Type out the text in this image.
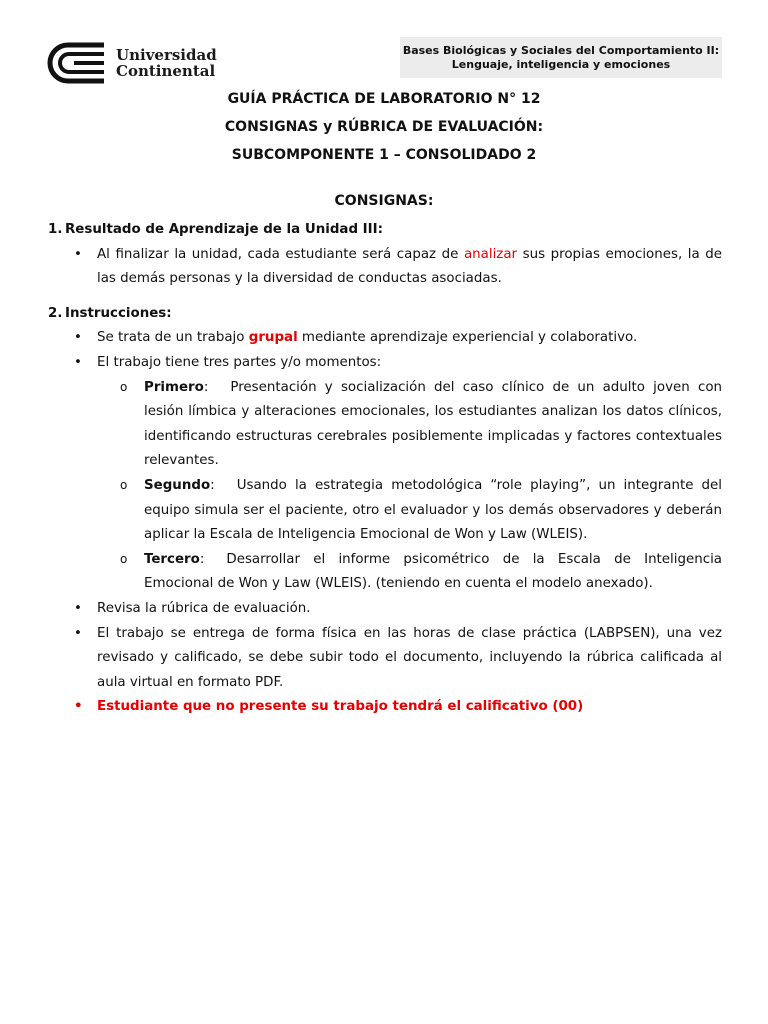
Universidad
Continental
Bases Biológicas y Sociales del Comportamiento II:
Lenguaje, inteligencia y emociones
GUÍA PRÁCTICA DE LABORATORIO N° 12
CONSIGNAS y RÚBRICA DE EVALUACIÓN:
SUBCOMPONENTE 1 – CONSOLIDADO 2
CONSIGNAS:
1. Resultado de Aprendizaje de la Unidad III:
• Al finalizar la unidad, cada estudiante será capaz de analizar sus propias emociones, la de las demás personas y la diversidad de conductas asociadas.
2. Instrucciones:
• Se trata de un trabajo grupal mediante aprendizaje experiencial y colaborativo.
• El trabajo tiene tres partes y/o momentos:
o Primero: Presentación y socialización del caso clínico de un adulto joven con lesión límbica y alteraciones emocionales, los estudiantes analizan los datos clínicos, identificando estructuras cerebrales posiblemente implicadas y factores contextuales relevantes.
o Segundo: Usando la estrategia metodológica “role playing”, un integrante del equipo simula ser el paciente, otro el evaluador y los demás observadores y deberán aplicar la Escala de Inteligencia Emocional de Won y Law (WLEIS).
o Tercero: Desarrollar el informe psicométrico de la Escala de Inteligencia Emocional de Won y Law (WLEIS). (teniendo en cuenta el modelo anexado).
• Revisa la rúbrica de evaluación.
• El trabajo se entrega de forma física en las horas de clase práctica (LABPSEN), una vez revisado y calificado, se debe subir todo el documento, incluyendo la rúbrica calificada al aula virtual en formato PDF.
• Estudiante que no presente su trabajo tendrá el calificativo (00)
